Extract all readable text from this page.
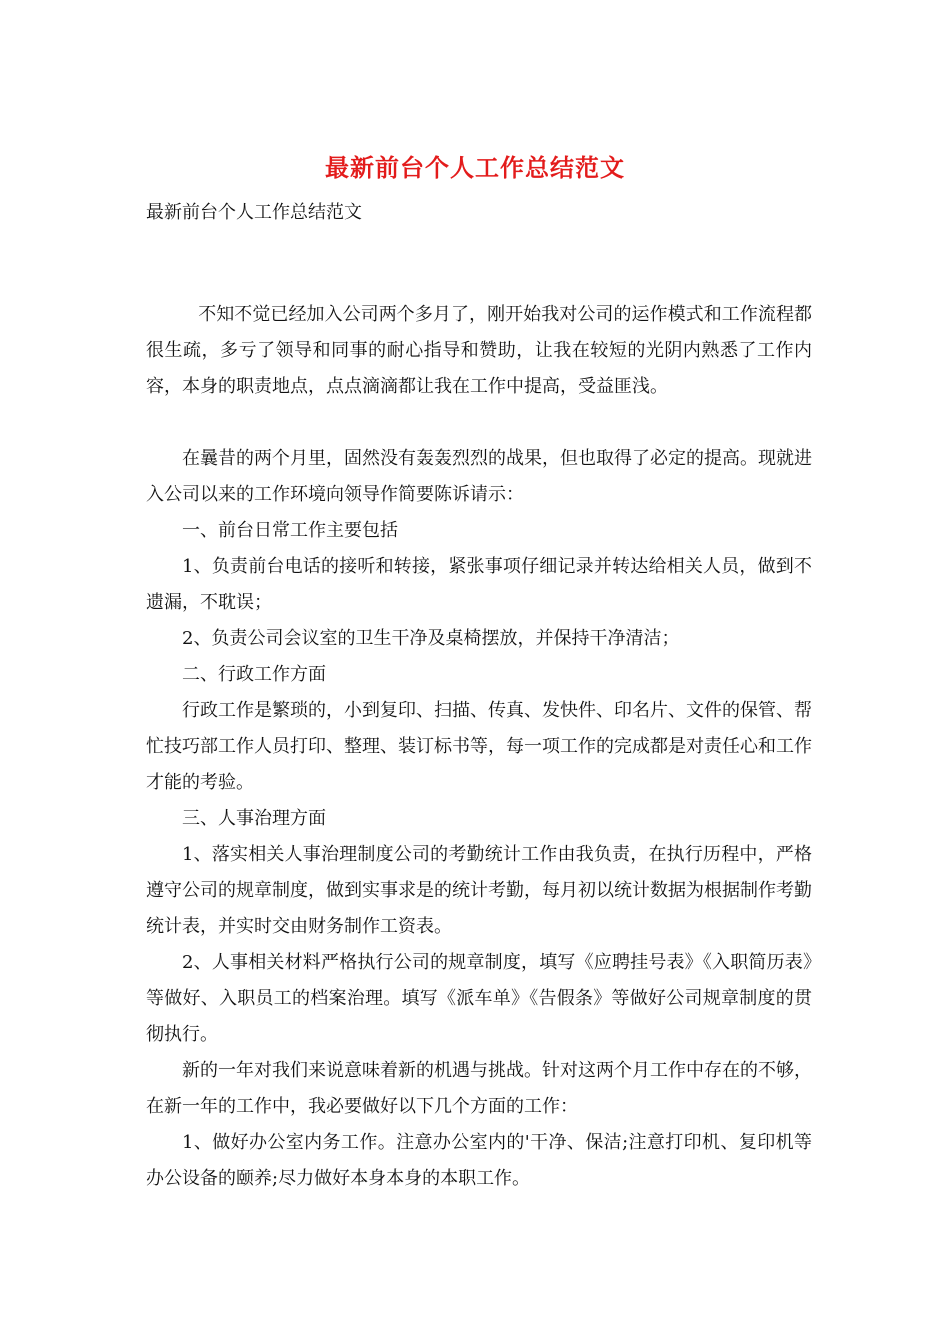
最新前台个人工作总结范文
最新前台个人工作总结范文

不知不觉已经加入公司两个多月了，刚开始我对公司的运作模式和工作流程都很生疏，多亏了领导和同事的耐心指导和赞助，让我在较短的光阴内熟悉了工作内容，本身的职责地点，点点滴滴都让我在工作中提高，受益匪浅。

在曩昔的两个月里，固然没有轰轰烈烈的战果，但也取得了必定的提高。现就进入公司以来的工作环境向领导作简要陈诉请示：

一、前台日常工作主要包括

1、负责前台电话的接听和转接，紧张事项仔细记录并转达给相关人员，做到不遗漏，不耽误；

2、负责公司会议室的卫生干净及桌椅摆放，并保持干净清洁；

二、行政工作方面

行政工作是繁琐的，小到复印、扫描、传真、发快件、印名片、文件的保管、帮忙技巧部工作人员打印、整理、装订标书等，每一项工作的完成都是对责任心和工作才能的考验。

三、人事治理方面

1、落实相关人事治理制度公司的考勤统计工作由我负责，在执行历程中，严格遵守公司的规章制度，做到实事求是的统计考勤，每月初以统计数据为根据制作考勤统计表，并实时交由财务制作工资表。

2、人事相关材料严格执行公司的规章制度，填写《应聘挂号表》《入职简历表》等做好、入职员工的档案治理。填写《派车单》《告假条》等做好公司规章制度的贯彻执行。

新的一年对我们来说意味着新的机遇与挑战。针对这两个月工作中存在的不够，在新一年的工作中，我必要做好以下几个方面的工作：

1、做好办公室内务工作。注意办公室内的'干净、保洁;注意打印机、复印机等办公设备的颐养;尽力做好本身本身的本职工作。
